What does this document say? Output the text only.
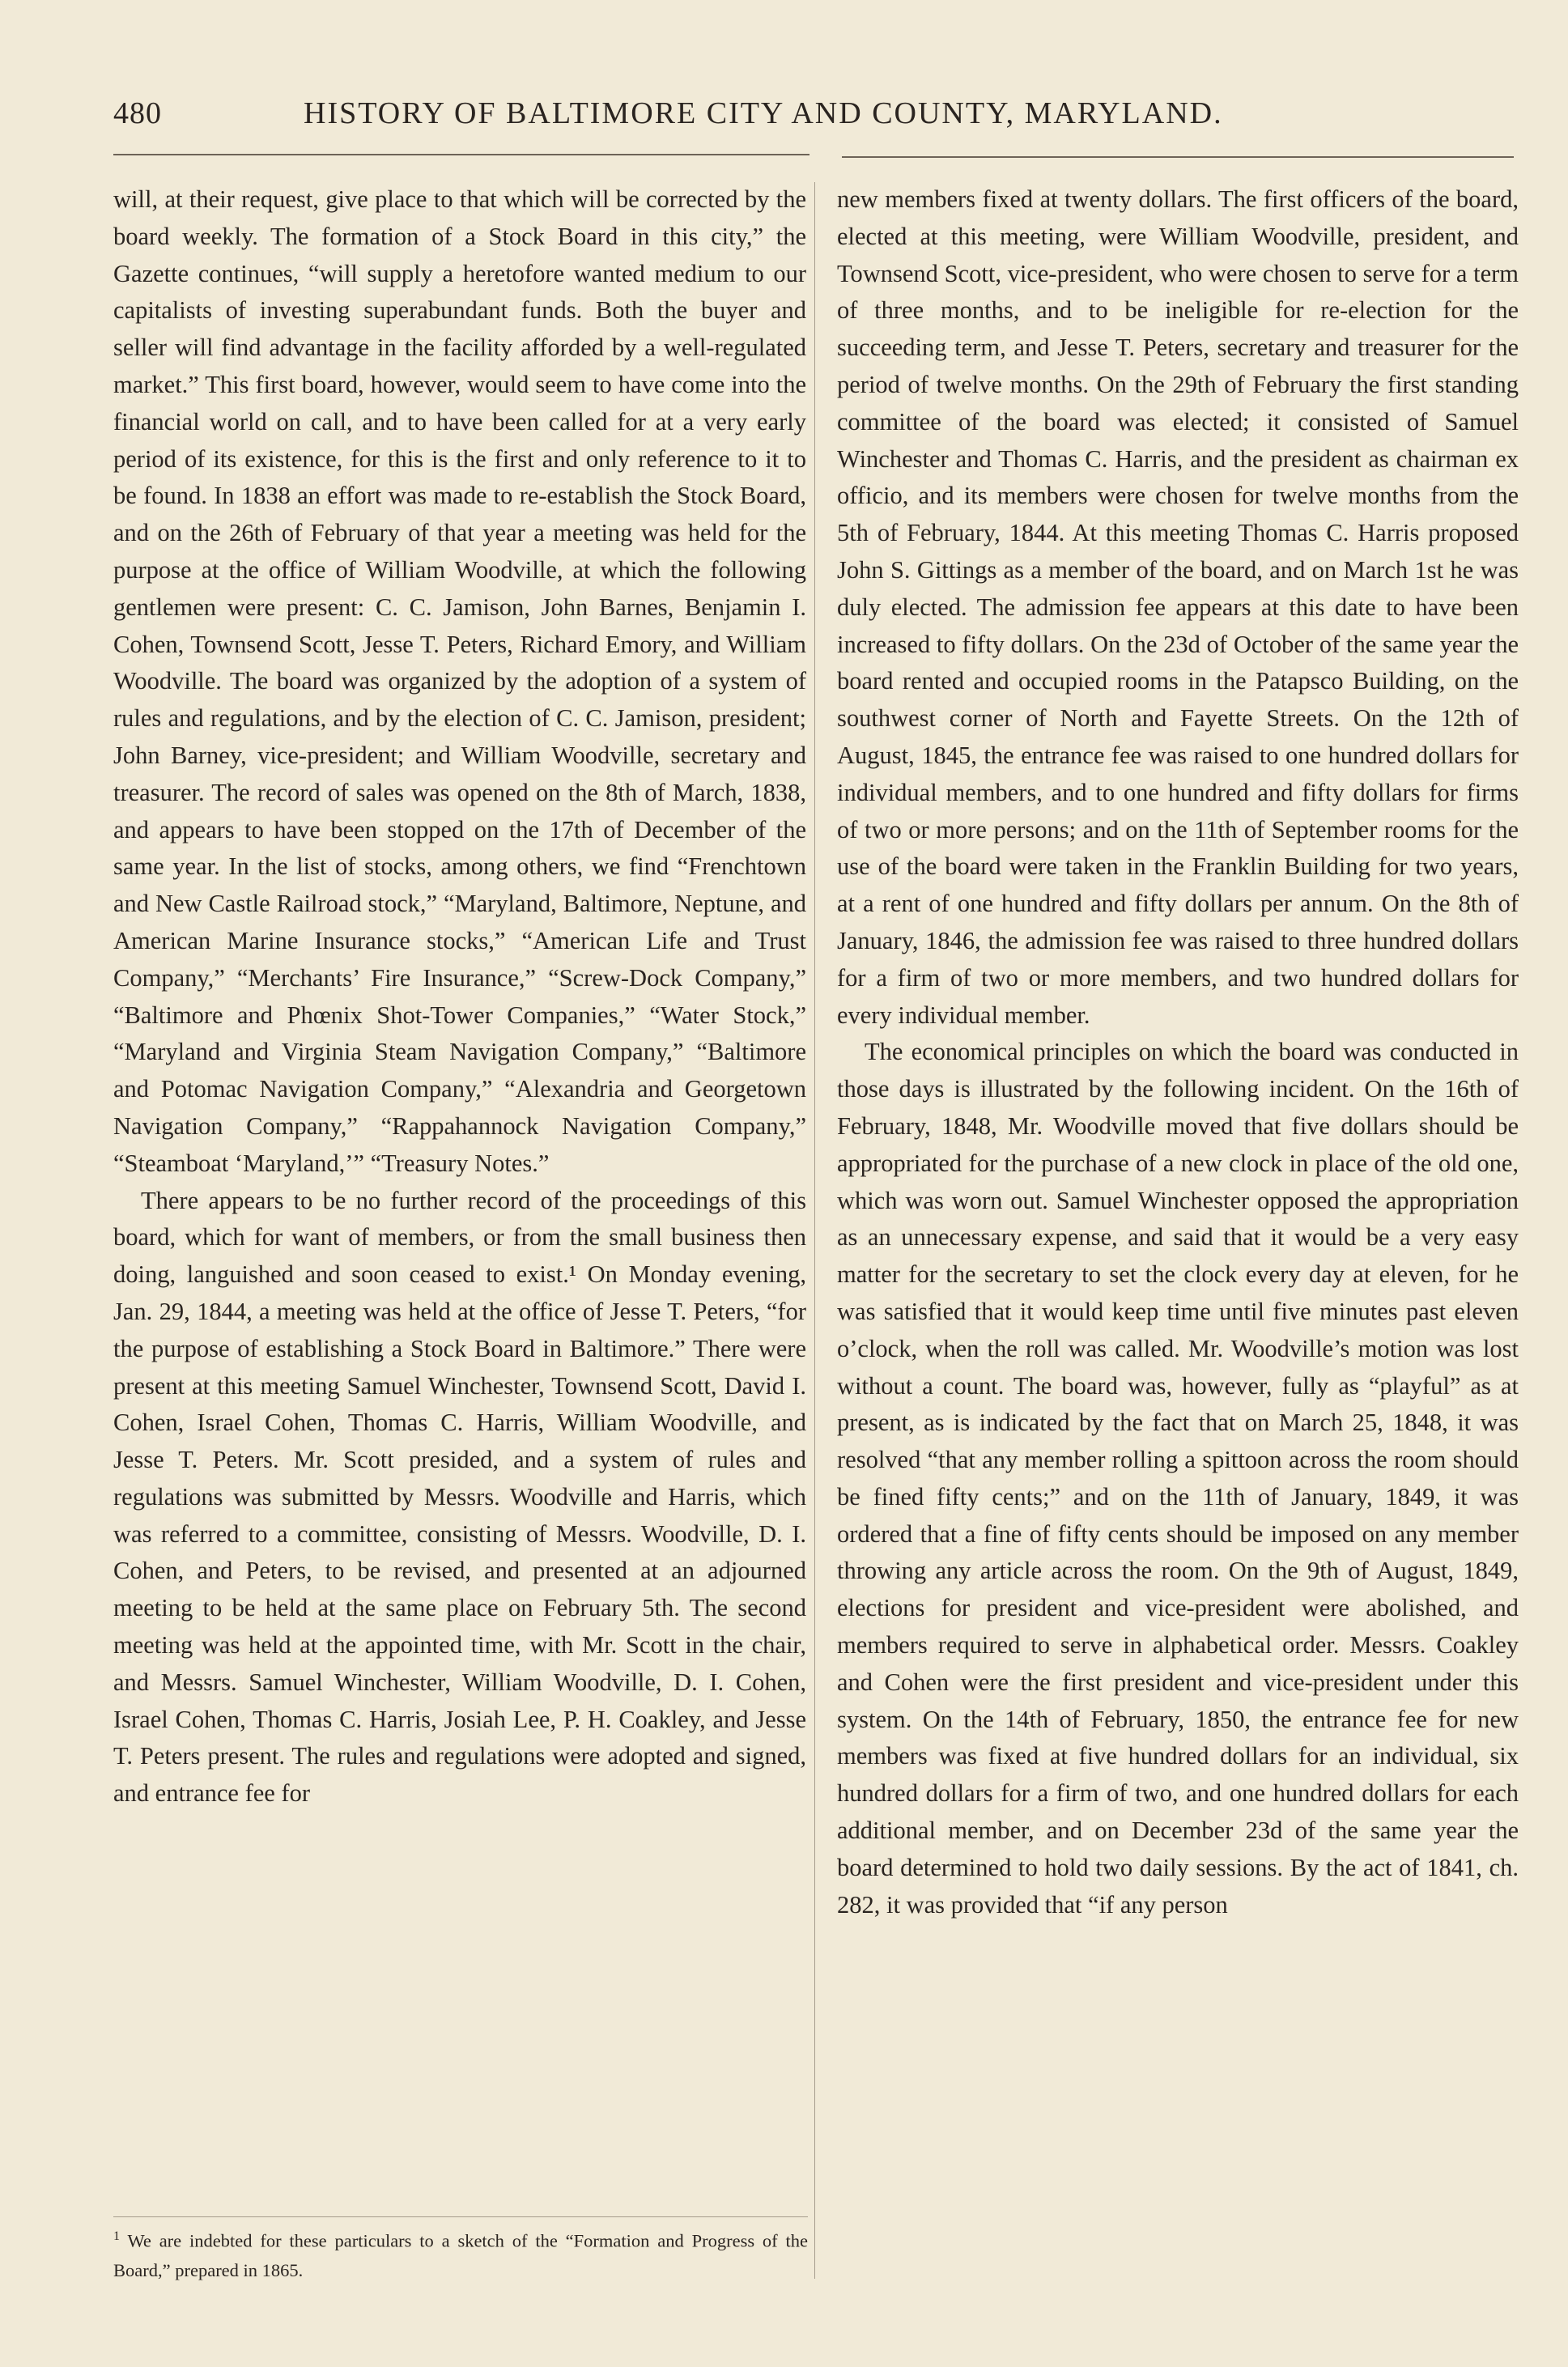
480	HISTORY OF BALTIMORE CITY AND COUNTY, MARYLAND.

will, at their request, give place to that which will be corrected by the board weekly. The formation of a Stock Board in this city,” the Gazette continues, “will supply a heretofore wanted medium to our capitalists of investing superabundant funds. Both the buyer and seller will find advantage in the facility afforded by a well-regulated market.” This first board, however, would seem to have come into the financial world on call, and to have been called for at a very early period of its existence, for this is the first and only reference to it to be found. In 1838 an effort was made to re-establish the Stock Board, and on the 26th of February of that year a meeting was held for the purpose at the office of William Woodville, at which the following gentlemen were present: C. C. Jamison, John Barnes, Benjamin I. Cohen, Townsend Scott, Jesse T. Peters, Richard Emory, and William Woodville. The board was organized by the adoption of a system of rules and regulations, and by the election of C. C. Jamison, president; John Barney, vice-president; and William Woodville, secretary and treasurer. The record of sales was opened on the 8th of March, 1838, and appears to have been stopped on the 17th of December of the same year. In the list of stocks, among others, we find “Frenchtown and New Castle Railroad stock,” “Maryland, Baltimore, Neptune, and American Marine Insurance stocks,” “American Life and Trust Company,” “Merchants’ Fire Insurance,” “Screw-Dock Company,” “Baltimore and Phœnix Shot-Tower Companies,” “Water Stock,” “Maryland and Virginia Steam Navigation Company,” “Baltimore and Potomac Navigation Company,” “Alexandria and Georgetown Navigation Company,” “Rappahannock Navigation Company,” “Steamboat ‘Maryland,’” “Treasury Notes.”

There appears to be no further record of the proceedings of this board, which for want of members, or from the small business then doing, languished and soon ceased to exist.¹ On Monday evening, Jan. 29, 1844, a meeting was held at the office of Jesse T. Peters, “for the purpose of establishing a Stock Board in Baltimore.” There were present at this meeting Samuel Winchester, Townsend Scott, David I. Cohen, Israel Cohen, Thomas C. Harris, William Woodville, and Jesse T. Peters. Mr. Scott presided, and a system of rules and regulations was submitted by Messrs. Woodville and Harris, which was referred to a committee, consisting of Messrs. Woodville, D. I. Cohen, and Peters, to be revised, and presented at an adjourned meeting to be held at the same place on February 5th. The second meeting was held at the appointed time, with Mr. Scott in the chair, and Messrs. Samuel Winchester, William Woodville, D. I. Cohen, Israel Cohen, Thomas C. Harris, Josiah Lee, P. H. Coakley, and Jesse T. Peters present. The rules and regulations were adopted and signed, and entrance fee for

new members fixed at twenty dollars. The first officers of the board, elected at this meeting, were William Woodville, president, and Townsend Scott, vice-president, who were chosen to serve for a term of three months, and to be ineligible for re-election for the succeeding term, and Jesse T. Peters, secretary and treasurer for the period of twelve months. On the 29th of February the first standing committee of the board was elected; it consisted of Samuel Winchester and Thomas C. Harris, and the president as chairman ex officio, and its members were chosen for twelve months from the 5th of February, 1844. At this meeting Thomas C. Harris proposed John S. Gittings as a member of the board, and on March 1st he was duly elected. The admission fee appears at this date to have been increased to fifty dollars. On the 23d of October of the same year the board rented and occupied rooms in the Patapsco Building, on the southwest corner of North and Fayette Streets. On the 12th of August, 1845, the entrance fee was raised to one hundred dollars for individual members, and to one hundred and fifty dollars for firms of two or more persons; and on the 11th of September rooms for the use of the board were taken in the Franklin Building for two years, at a rent of one hundred and fifty dollars per annum. On the 8th of January, 1846, the admission fee was raised to three hundred dollars for a firm of two or more members, and two hundred dollars for every individual member.

The economical principles on which the board was conducted in those days is illustrated by the following incident. On the 16th of February, 1848, Mr. Woodville moved that five dollars should be appropriated for the purchase of a new clock in place of the old one, which was worn out. Samuel Winchester opposed the appropriation as an unnecessary expense, and said that it would be a very easy matter for the secretary to set the clock every day at eleven, for he was satisfied that it would keep time until five minutes past eleven o’clock, when the roll was called. Mr. Woodville’s motion was lost without a count. The board was, however, fully as “playful” as at present, as is indicated by the fact that on March 25, 1848, it was resolved “that any member rolling a spittoon across the room should be fined fifty cents;” and on the 11th of January, 1849, it was ordered that a fine of fifty cents should be imposed on any member throwing any article across the room. On the 9th of August, 1849, elections for president and vice-president were abolished, and members required to serve in alphabetical order. Messrs. Coakley and Cohen were the first president and vice-president under this system. On the 14th of February, 1850, the entrance fee for new members was fixed at five hundred dollars for an individual, six hundred dollars for a firm of two, and one hundred dollars for each additional member, and on December 23d of the same year the board determined to hold two daily sessions. By the act of 1841, ch. 282, it was provided that “if any person

$^1$ We are indebted for these particulars to a sketch of the “Formation and Progress of the Board,” prepared in 1865.
